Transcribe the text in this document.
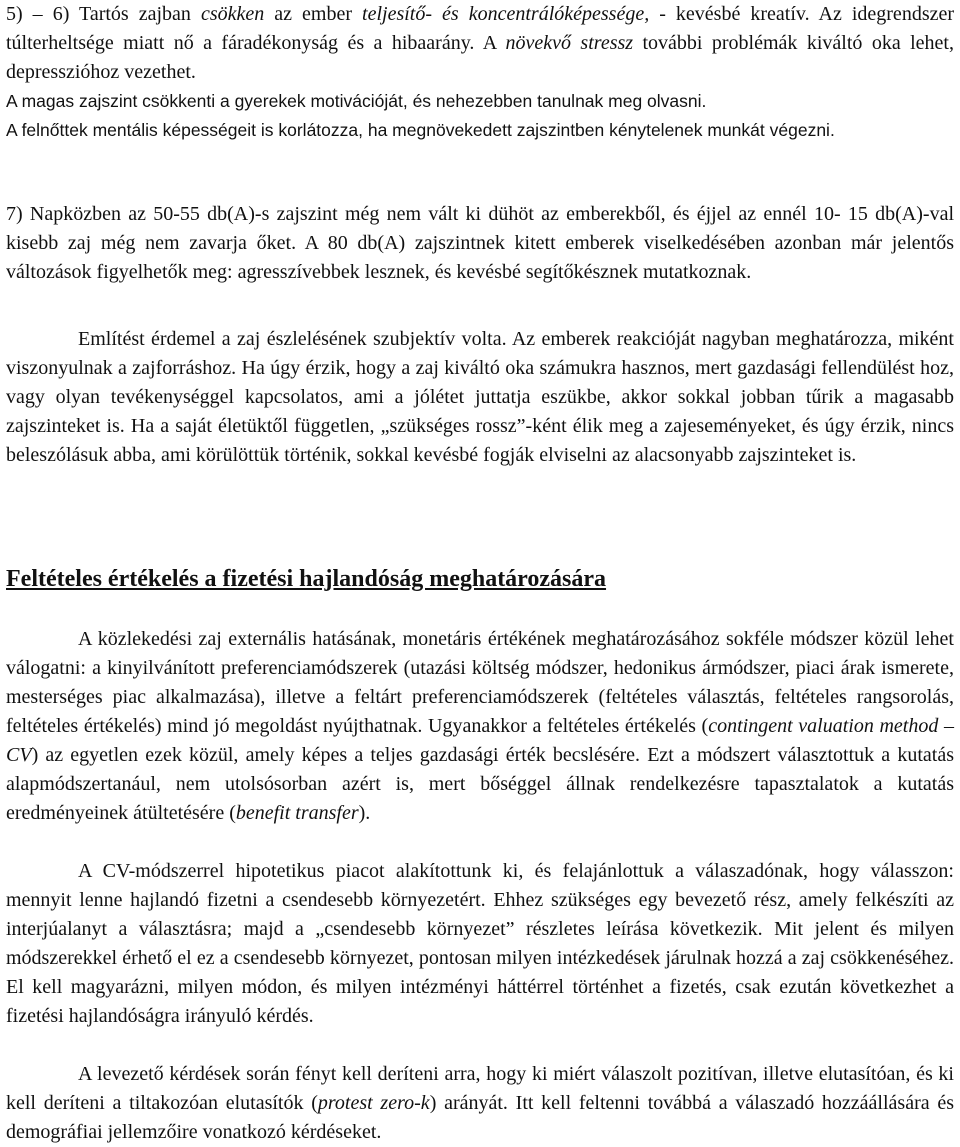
5) – 6) Tartós zajban csökken az ember teljesítő- és koncentrálóképessége, - kevésbé kreatív. Az idegrendszer túlterheltsége miatt nő a fáradékonyság és a hibaarány. A növekvő stressz további problémák kiváltó oka lehet, depresszióhoz vezethet.

A magas zajszint csökkenti a gyerekek motivációját, és nehezebben tanulnak meg olvasni.

A felnőttek mentális képességeit is korlátozza, ha megnövekedett zajszintben kénytelenek munkát végezni.

7) Napközben az 50-55 db(A)-s zajszint még nem vált ki dühöt az emberekből, és éjjel az ennél 10- 15 db(A)-val kisebb zaj még nem zavarja őket. A 80 db(A) zajszintnek kitett emberek viselkedésében azonban már jelentős változások figyelhetők meg: agresszívebbek lesznek, és kevésbé segítőkésznek mutatkoznak.

Említést érdemel a zaj észlelésének szubjektív volta. Az emberek reakcióját nagyban meghatározza, miként viszonyulnak a zajforráshoz. Ha úgy érzik, hogy a zaj kiváltó oka számukra hasznos, mert gazdasági fellendülést hoz, vagy olyan tevékenységgel kapcsolatos, ami a jólétet juttatja eszükbe, akkor sokkal jobban tűrik a magasabb zajszinteket is. Ha a saját életüktől független, „szükséges rossz”-ként élik meg a zajeseményeket, és úgy érzik, nincs beleszólásuk abba, ami körülöttük történik, sokkal kevésbé fogják elviselni az alacsonyabb zajszinteket is.

Feltételes értékelés a fizetési hajlandóság meghatározására

A közlekedési zaj externális hatásának, monetáris értékének meghatározásához sokféle módszer közül lehet válogatni: a kinyilvánított preferenciamódszerek (utazási költség módszer, hedonikus ármódszer, piaci árak ismerete, mesterséges piac alkalmazása), illetve a feltárt preferenciamódszerek (feltételes választás, feltételes rangsorolás, feltételes értékelés) mind jó megoldást nyújthatnak. Ugyanakkor a feltételes értékelés (contingent valuation method – CV) az egyetlen ezek közül, amely képes a teljes gazdasági érték becslésére. Ezt a módszert választottuk a kutatás alapmódszertanául, nem utolsósorban azért is, mert bőséggel állnak rendelkezésre tapasztalatok a kutatás eredményeinek átültetésére (benefit transfer).

A CV-módszerrel hipotetikus piacot alakítottunk ki, és felajánlottuk a válaszadónak, hogy válasszon: mennyit lenne hajlandó fizetni a csendesebb környezetért. Ehhez szükséges egy bevezető rész, amely felkészíti az interjúalanyt a választásra; majd a „csendesebb környezet” részletes leírása következik. Mit jelent és milyen módszerekkel érhető el ez a csendesebb környezet, pontosan milyen intézkedések járulnak hozzá a zaj csökkenéséhez. El kell magyarázni, milyen módon, és milyen intézményi háttérrel történhet a fizetés, csak ezután következhet a fizetési hajlandóságra irányuló kérdés.

A levezető kérdések során fényt kell deríteni arra, hogy ki miért válaszolt pozitívan, illetve elutasítóan, és ki kell deríteni a tiltakozóan elutasítók (protest zero-k) arányát. Itt kell feltenni továbbá a válaszadó hozzáállására és demográfiai jellemzőire vonatkozó kérdéseket.
